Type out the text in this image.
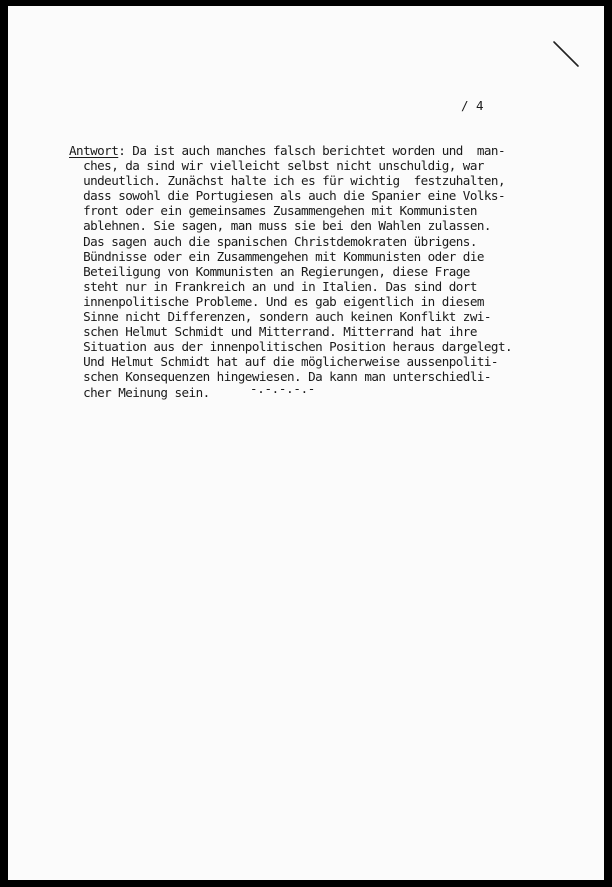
/ 4
Antwort: Da ist auch manches falsch berichtet worden und  man-
ches, da sind wir vielleicht selbst nicht unschuldig, war
undeutlich. Zunächst halte ich es für wichtig  festzuhalten,
dass sowohl die Portugiesen als auch die Spanier eine Volks-
front oder ein gemeinsames Zusammengehen mit Kommunisten
ablehnen. Sie sagen, man muss sie bei den Wahlen zulassen.
Das sagen auch die spanischen Christdemokraten übrigens.
Bündnisse oder ein Zusammengehen mit Kommunisten oder die
Beteiligung von Kommunisten an Regierungen, diese Frage
steht nur in Frankreich an und in Italien. Das sind dort
innenpolitische Probleme. Und es gab eigentlich in diesem
Sinne nicht Differenzen, sondern auch keinen Konflikt zwi-
schen Helmut Schmidt und Mitterrand. Mitterrand hat ihre
Situation aus der innenpolitischen Position heraus dargelegt.
Und Helmut Schmidt hat auf die möglicherweise aussenpoliti-
schen Konsequenzen hingewiesen. Da kann man unterschiedli-
cher Meinung sein.	-.-.-.-.-
